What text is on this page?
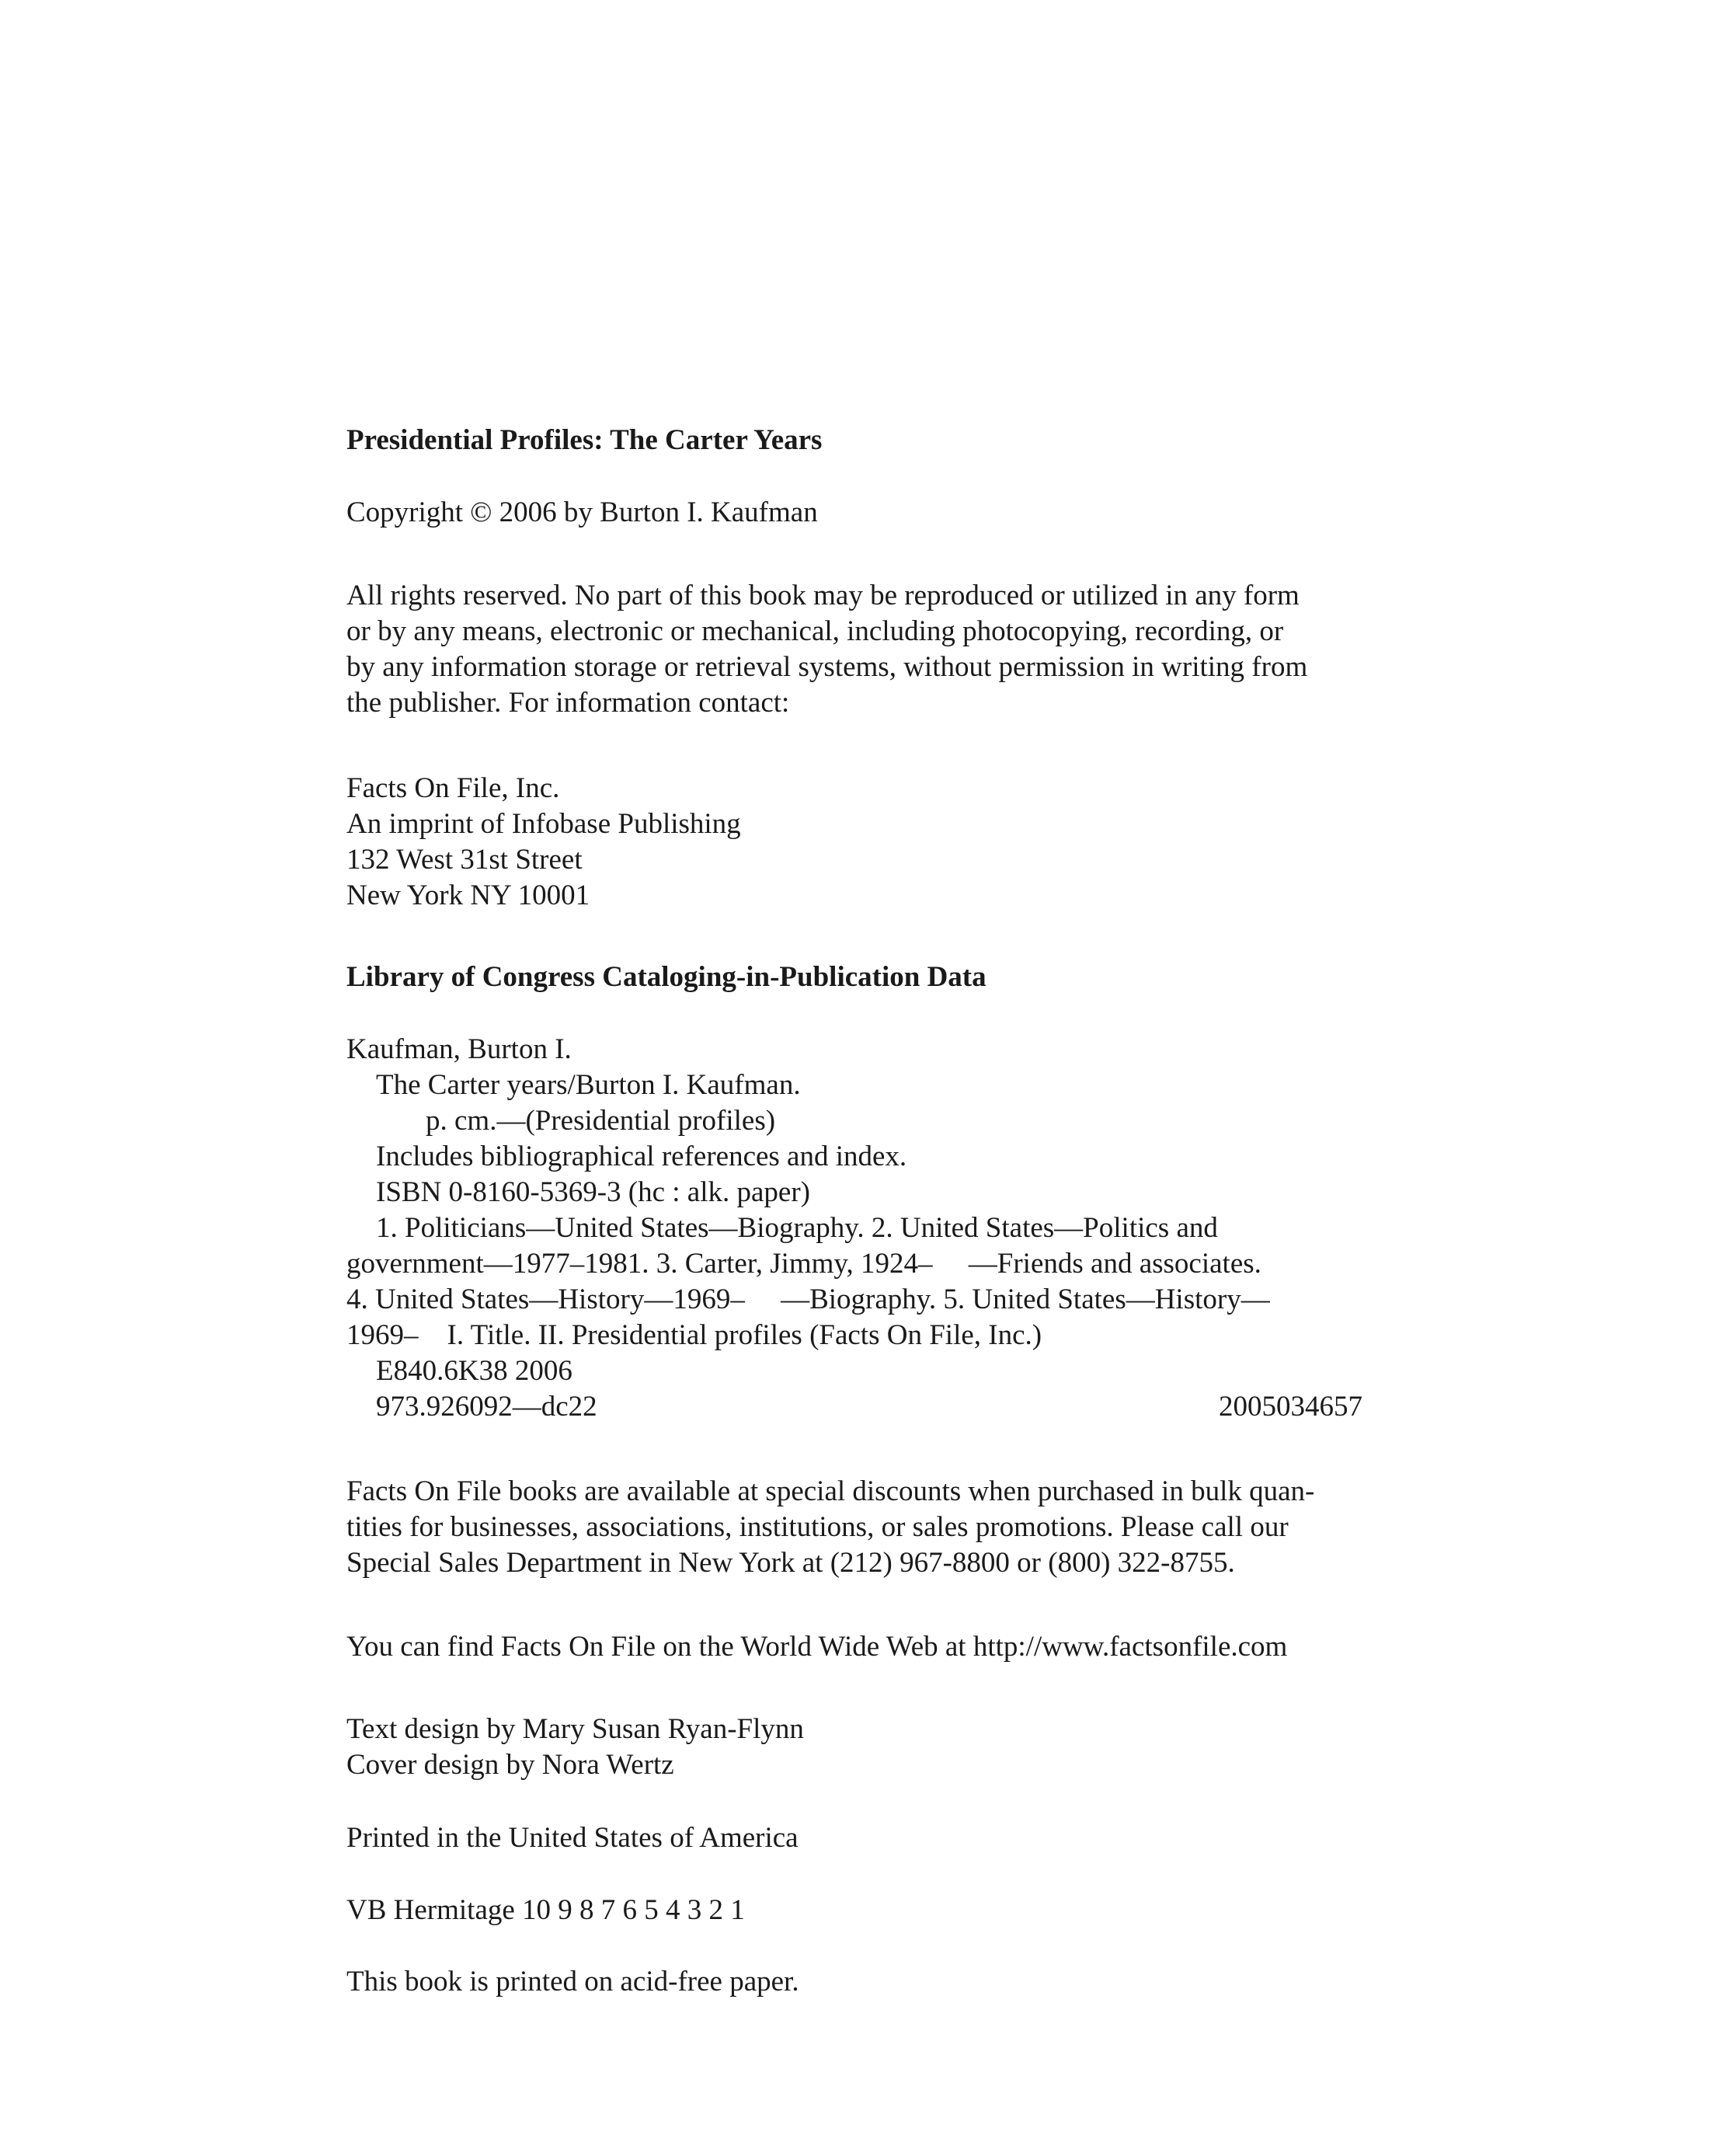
Presidential Profiles: The Carter Years
Copyright © 2006 by Burton I. Kaufman
All rights reserved. No part of this book may be reproduced or utilized in any form
or by any means, electronic or mechanical, including photocopying, recording, or
by any information storage or retrieval systems, without permission in writing from
the publisher. For information contact:
Facts On File, Inc.
An imprint of Infobase Publishing
132 West 31st Street
New York NY 10001
Library of Congress Cataloging-in-Publication Data
Kaufman, Burton I.
The Carter years/Burton I. Kaufman.
p. cm.—(Presidential profiles)
Includes bibliographical references and index.
ISBN 0-8160-5369-3 (hc : alk. paper)
1. Politicians—United States—Biography. 2. United States—Politics and
government—1977–1981. 3. Carter, Jimmy, 1924–     —Friends and associates.
4. United States—History—1969–     —Biography. 5. United States—History—
1969–    I. Title. II. Presidential profiles (Facts On File, Inc.)
E840.6K38 2006
973.926092—dc22	2005034657
Facts On File books are available at special discounts when purchased in bulk quan-
tities for businesses, associations, institutions, or sales promotions. Please call our
Special Sales Department in New York at (212) 967-8800 or (800) 322-8755.
You can find Facts On File on the World Wide Web at http://www.factsonfile.com
Text design by Mary Susan Ryan-Flynn
Cover design by Nora Wertz
Printed in the United States of America
VB Hermitage 10 9 8 7 6 5 4 3 2 1
This book is printed on acid-free paper.
